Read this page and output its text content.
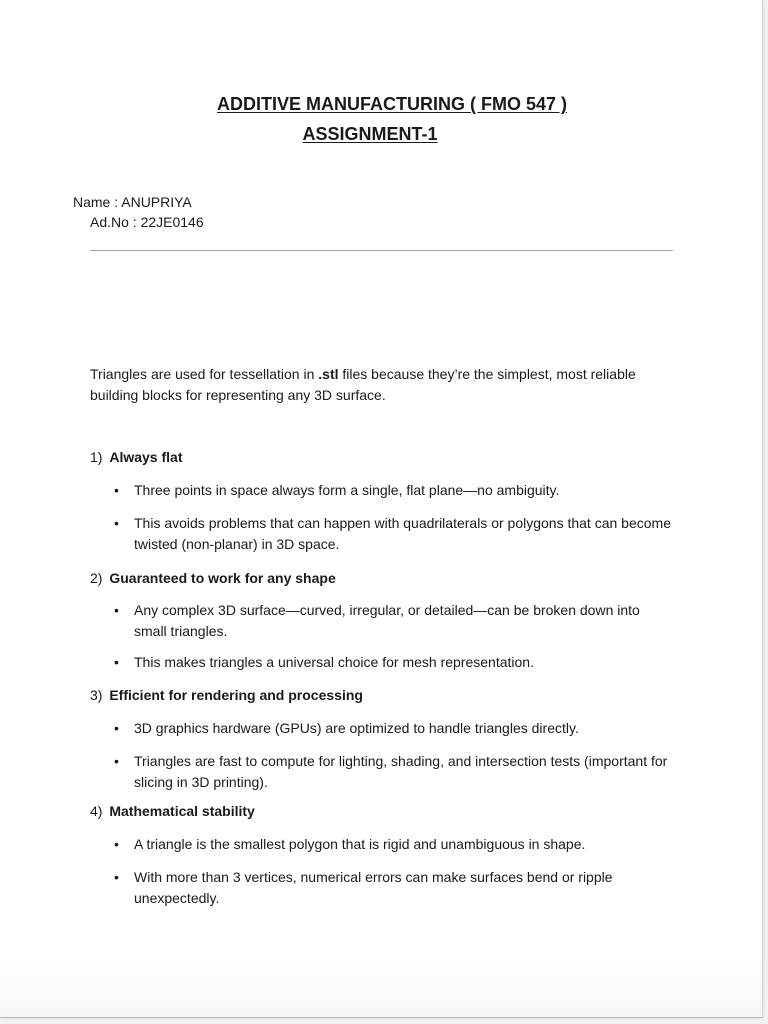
ADDITIVE MANUFACTURING ( FMO 547 )
ASSIGNMENT-1
Name : ANUPRIYA
Ad.No : 22JE0146
Triangles are used for tessellation in .stl files because they’re the simplest, most reliable building blocks for representing any 3D surface.
1) Always flat
•	Three points in space always form a single, flat plane—no ambiguity.
•	This avoids problems that can happen with quadrilaterals or polygons that can become twisted (non-planar) in 3D space.
2) Guaranteed to work for any shape
•	Any complex 3D surface—curved, irregular, or detailed—can be broken down into small triangles.
•	This makes triangles a universal choice for mesh representation.
3) Efficient for rendering and processing
•	3D graphics hardware (GPUs) are optimized to handle triangles directly.
•	Triangles are fast to compute for lighting, shading, and intersection tests (important for slicing in 3D printing).
4) Mathematical stability
•	A triangle is the smallest polygon that is rigid and unambiguous in shape.
•	With more than 3 vertices, numerical errors can make surfaces bend or ripple unexpectedly.
